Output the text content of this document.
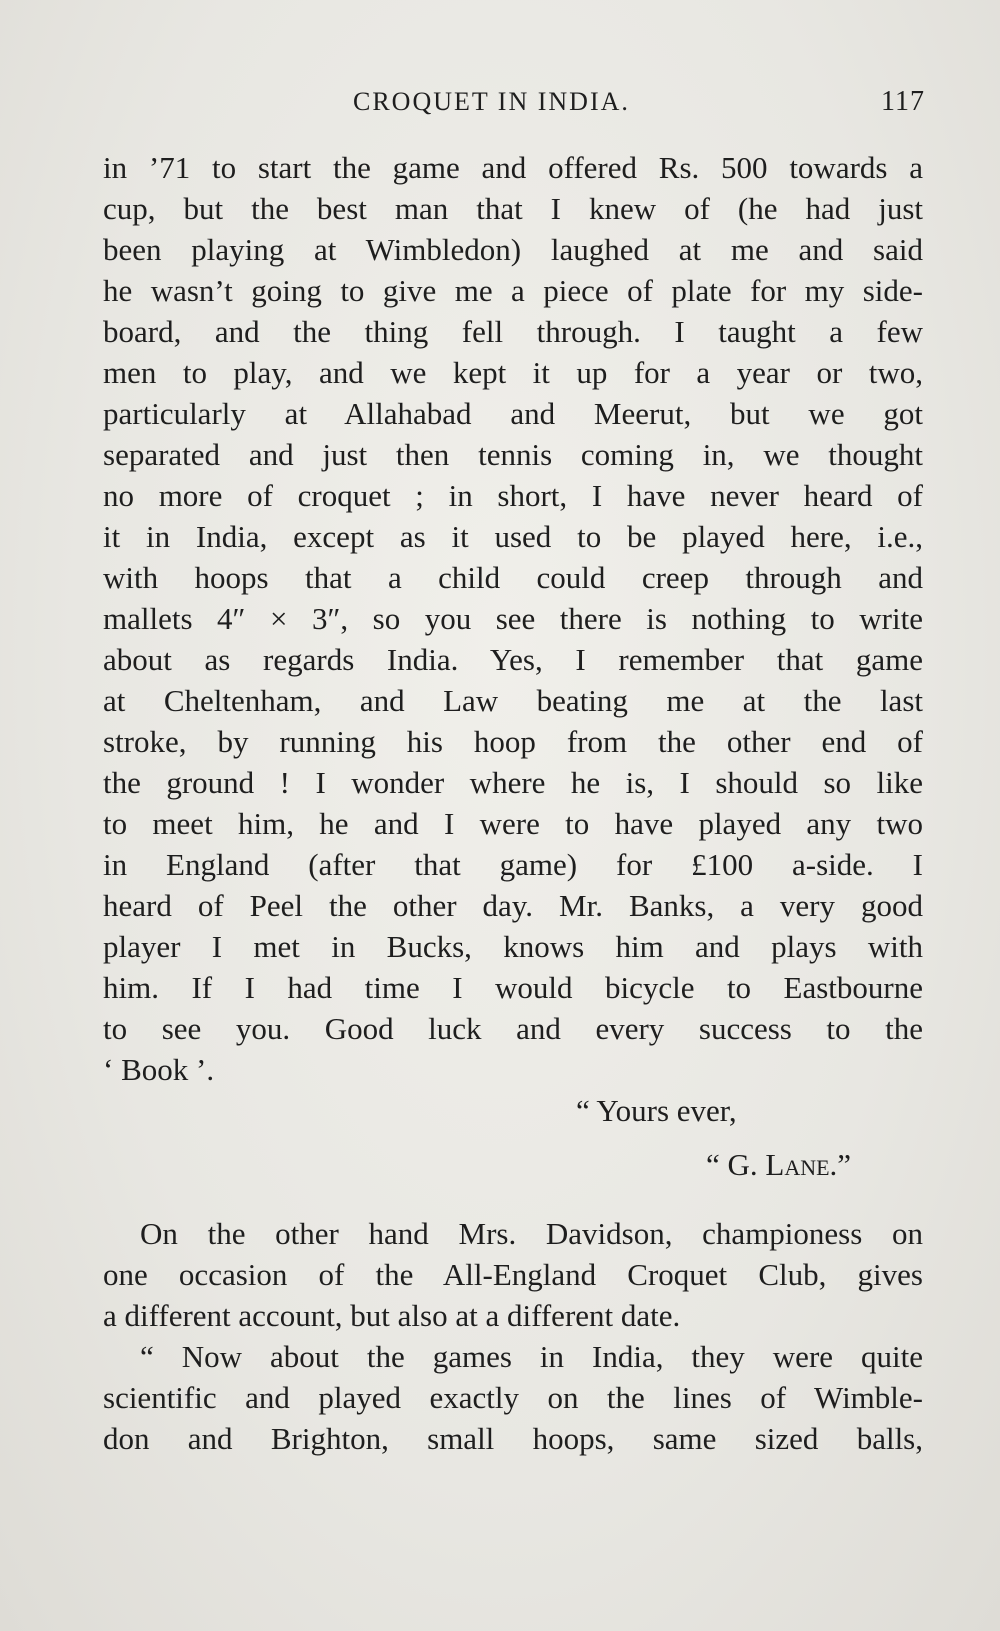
CROQUET IN INDIA.	117
in ’71 to start the game and offered Rs. 500 towards a
cup, but the best man that I knew of (he had just
been playing at Wimbledon) laughed at me and said
he wasn’t going to give me a piece of plate for my side-
board, and the thing fell through. I taught a few
men to play, and we kept it up for a year or two,
particularly at Allahabad and Meerut, but we got
separated and just then tennis coming in, we thought
no more of croquet ; in short, I have never heard of
it in India, except as it used to be played here, i.e.,
with hoops that a child could creep through and
mallets 4″ × 3″, so you see there is nothing to write
about as regards India. Yes, I remember that game
at Cheltenham, and Law beating me at the last
stroke, by running his hoop from the other end of
the ground ! I wonder where he is, I should so like
to meet him, he and I were to have played any two
in England (after that game) for £100 a-side. I
heard of Peel the other day. Mr. Banks, a very good
player I met in Bucks, knows him and plays with
him. If I had time I would bicycle to Eastbourne
to see you. Good luck and every success to the
‘ Book ’.
“ Yours ever,
“ G. Lane.”
On the other hand Mrs. Davidson, championess on
one occasion of the All-England Croquet Club, gives
a different account, but also at a different date.
“ Now about the games in India, they were quite
scientific and played exactly on the lines of Wimble-
don and Brighton, small hoops, same sized balls,
